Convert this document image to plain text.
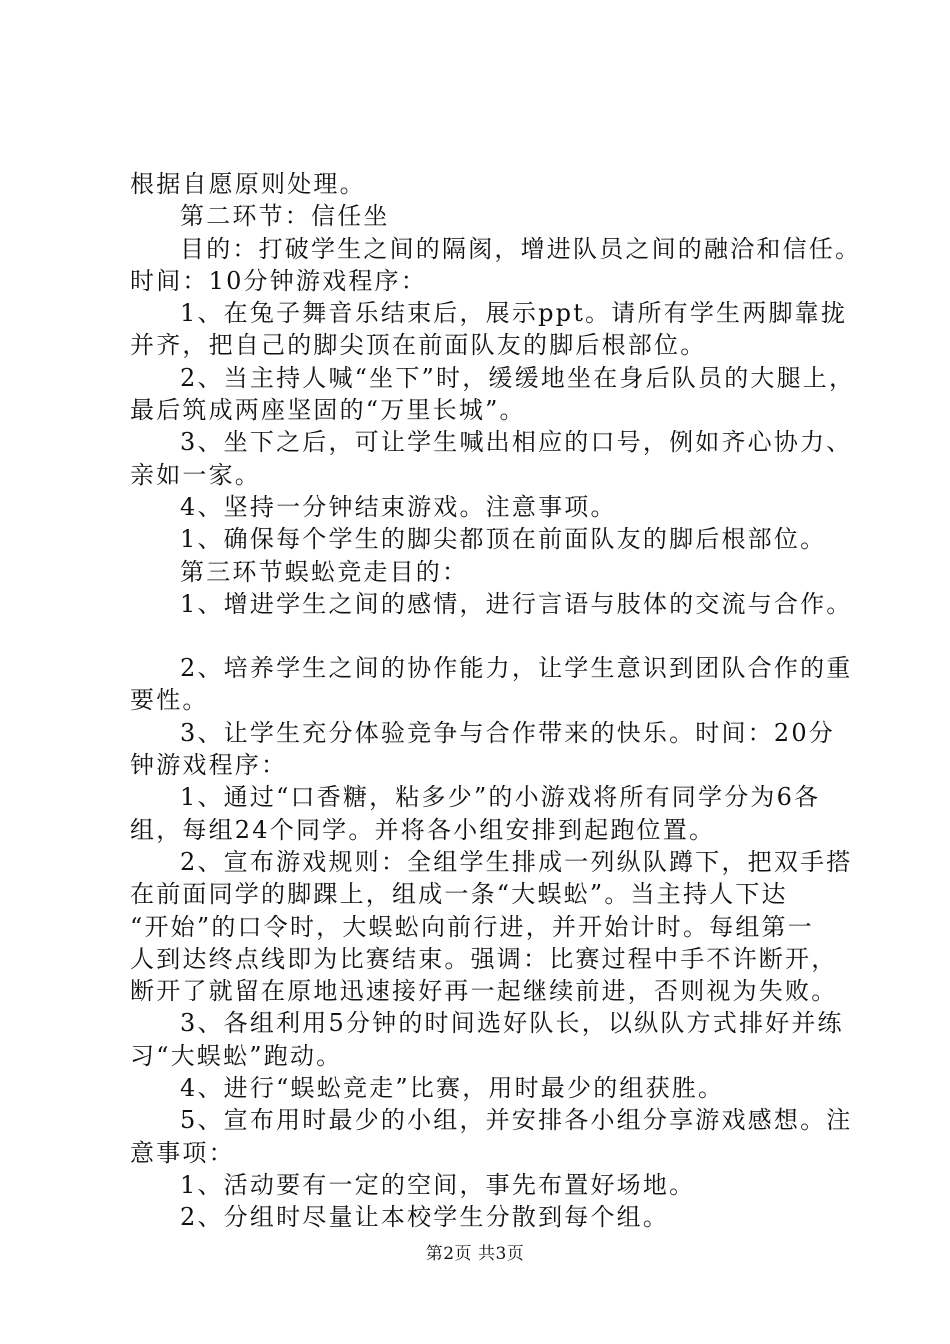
根据自愿原则处理。
第二环节：信任坐
目的：打破学生之间的隔阂，增进队员之间的融洽和信任。
时间：10分钟游戏程序：
1、在兔子舞音乐结束后，展示ppt。请所有学生两脚靠拢
并齐，把自己的脚尖顶在前面队友的脚后根部位。
2、当主持人喊“坐下”时，缓缓地坐在身后队员的大腿上，
最后筑成两座坚固的“万里长城”。
3、坐下之后，可让学生喊出相应的口号，例如齐心协力、
亲如一家。
4、坚持一分钟结束游戏。注意事项。
1、确保每个学生的脚尖都顶在前面队友的脚后根部位。
第三环节蜈蚣竞走目的：
1、增进学生之间的感情，进行言语与肢体的交流与合作。
2、培养学生之间的协作能力，让学生意识到团队合作的重
要性。
3、让学生充分体验竞争与合作带来的快乐。时间：20分
钟游戏程序：
1、通过“口香糖，粘多少”的小游戏将所有同学分为6各
组，每组24个同学。并将各小组安排到起跑位置。
2、宣布游戏规则：全组学生排成一列纵队蹲下，把双手搭
在前面同学的脚踝上，组成一条“大蜈蚣”。当主持人下达
“开始”的口令时，大蜈蚣向前行进，并开始计时。每组第一
人到达终点线即为比赛结束。强调：比赛过程中手不许断开，
断开了就留在原地迅速接好再一起继续前进，否则视为失败。
3、各组利用5分钟的时间选好队长，以纵队方式排好并练
习“大蜈蚣”跑动。
4、进行“蜈蚣竞走”比赛，用时最少的组获胜。
5、宣布用时最少的小组，并安排各小组分享游戏感想。注
意事项：
1、活动要有一定的空间，事先布置好场地。
2、分组时尽量让本校学生分散到每个组。
第2页 共3页
